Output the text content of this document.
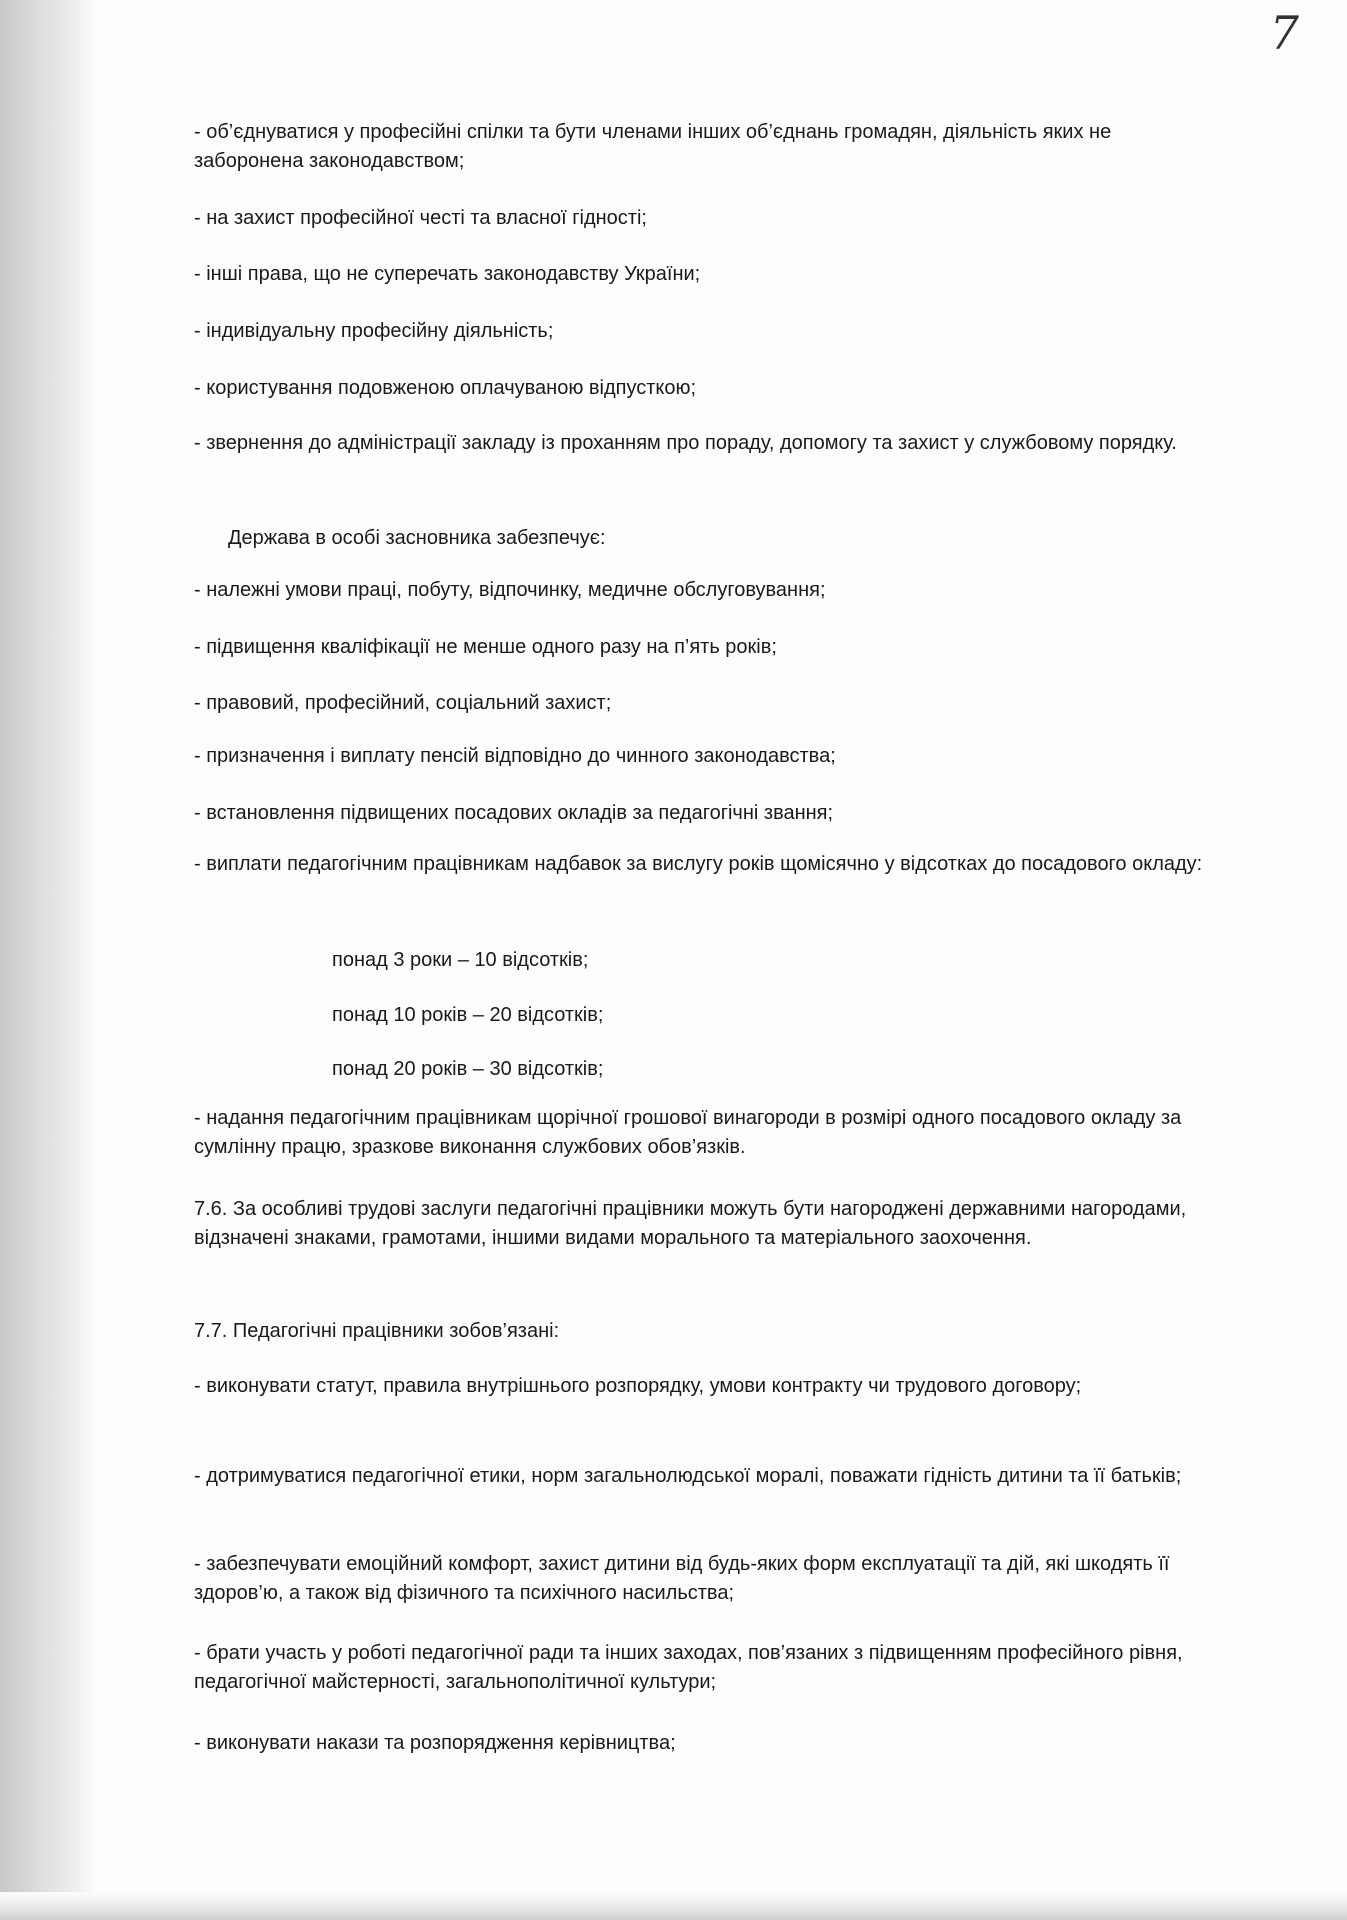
7

- об’єднуватися у професійні спілки та бути членами інших об’єднань громадян, діяльність яких не заборонена законодавством;

- на захист професійної честі та власної гідності;

- інші права, що не суперечать законодавству України;

- індивідуальну професійну діяльність;

- користування подовженою оплачуваною відпусткою;

- звернення до адміністрації закладу із проханням про пораду, допомогу та захист у службовому порядку.

Держава в особі засновника забезпечує:

- належні умови праці, побуту, відпочинку, медичне обслуговування;

- підвищення кваліфікації не менше одного разу на п’ять років;

- правовий, професійний, соціальний захист;

- призначення і виплату пенсій відповідно до чинного законодавства;

- встановлення підвищених посадових окладів за педагогічні звання;

- виплати педагогічним працівникам надбавок за вислугу років щомісячно у відсотках до посадового окладу:

понад 3 роки – 10 відсотків;

понад 10 років – 20 відсотків;

понад 20 років – 30 відсотків;

- надання педагогічним працівникам щорічної грошової винагороди в розмірі одного посадового окладу за сумлінну працю, зразкове виконання службових обов’язків.

7.6. За особливі трудові заслуги педагогічні працівники можуть бути нагороджені державними нагородами, відзначені знаками, грамотами, іншими видами морального та матеріального заохочення.

7.7. Педагогічні працівники зобов’язані:

- виконувати статут, правила внутрішнього розпорядку, умови контракту чи трудового договору;

- дотримуватися педагогічної етики, норм загальнолюдської моралі, поважати гідність дитини та її батьків;

- забезпечувати емоційний комфорт, захист дитини від будь-яких форм експлуатації та дій, які шкодять її здоров’ю, а також від фізичного та психічного насильства;

- брати участь у роботі педагогічної ради та інших заходах, пов’язаних з підвищенням професійного рівня, педагогічної майстерності, загальнополітичної культури;

- виконувати накази та розпорядження керівництва;
